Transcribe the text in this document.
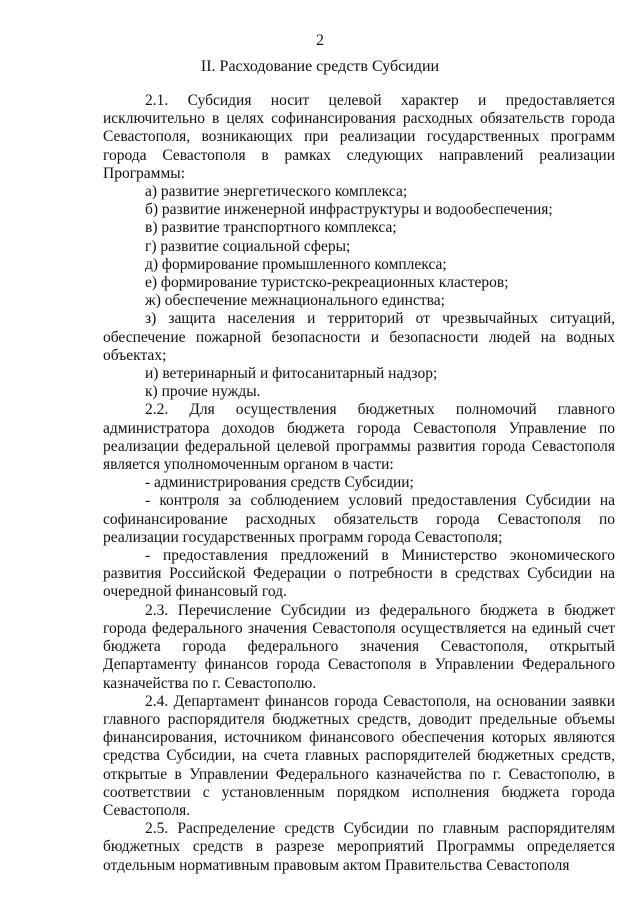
2
II. Расходование средств Субсидии

2.1. Субсидия носит целевой характер и предоставляется исключительно в целях софинансирования расходных обязательств города Севастополя, возникающих при реализации государственных программ города Севастополя в рамках следующих направлений реализации Программы:

а) развитие энергетического комплекса;

б) развитие инженерной инфраструктуры и водообеспечения;

в) развитие транспортного комплекса;

г) развитие социальной сферы;

д) формирование промышленного комплекса;

е) формирование туристско-рекреационных кластеров;

ж) обеспечение межнационального единства;

з) защита населения и территорий от чрезвычайных ситуаций, обеспечение пожарной безопасности и безопасности людей на водных объектах;

и) ветеринарный и фитосанитарный надзор;

к) прочие нужды.

2.2. Для осуществления бюджетных полномочий главного администратора доходов бюджета города Севастополя Управление по реализации федеральной целевой программы развития города Севастополя является уполномоченным органом в части:

- администрирования средств Субсидии;

- контроля за соблюдением условий предоставления Субсидии на софинансирование расходных обязательств города Севастополя по реализации государственных программ города Севастополя;

- предоставления предложений в Министерство экономического развития Российской Федерации о потребности в средствах Субсидии на очередной финансовый год.

2.3. Перечисление Субсидии из федерального бюджета в бюджет города федерального значения Севастополя осуществляется на единый счет бюджета города федерального значения Севастополя, открытый Департаменту финансов города Севастополя в Управлении Федерального казначейства по г. Севастополю.

2.4. Департамент финансов города Севастополя, на основании заявки главного распорядителя бюджетных средств, доводит предельные объемы финансирования, источником финансового обеспечения которых являются средства Субсидии, на счета главных распорядителей бюджетных средств, открытые в Управлении Федерального казначейства по г. Севастополю, в соответствии с установленным порядком исполнения бюджета города Севастополя.

2.5. Распределение средств Субсидии по главным распорядителям бюджетных средств в разрезе мероприятий Программы определяется отдельным нормативным правовым актом Правительства Севастополя
